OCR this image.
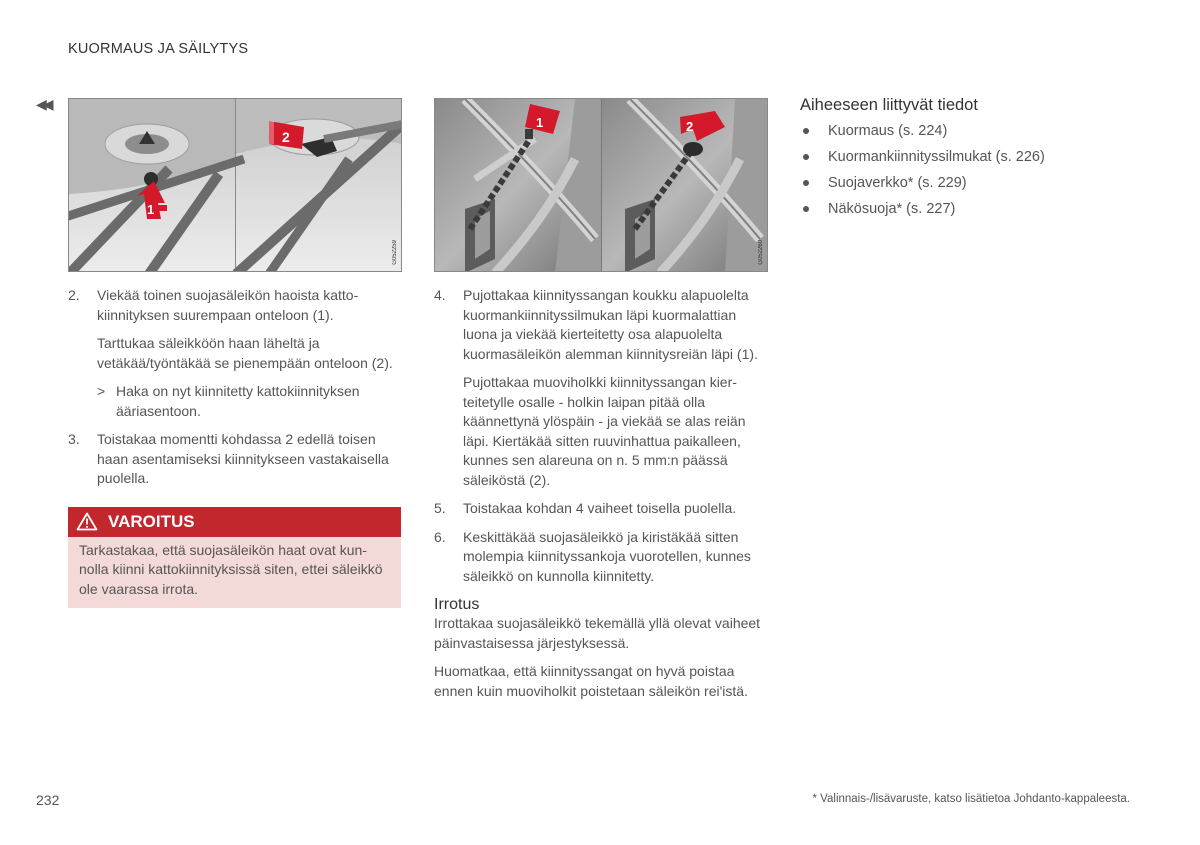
KUORMAUS JA SÄILYTYS
◀◀
1
2
G052259
1	2
G052260
2.	Viekää toinen suojasäleikön haoista kattokiinnityksen suurempaan onteloon (1).
Tarttukaa säleikköön haan läheltä ja vetäkää/työntäkää se pienempään onteloon (2).
> Haka on nyt kiinnitetty kattokiinnityksen ääriasentoon.
3.	Toistakaa momentti kohdassa 2 edellä toisen haan asentamiseksi kiinnitykseen vastakaisella puolella.
VAROITUS
Tarkastakaa, että suojasäleikön haat ovat kunnolla kiinni kattokiinnityksissä siten, ettei säleikkö ole vaarassa irrota.
4.	Pujottakaa kiinnityssangan koukku alapuolelta kuormankiinnityssilmukan läpi kuormalattian luona ja viekää kierteitetty osa alapuolelta kuormasäleikön alemman kiinnitysreiän läpi (1).
Pujottakaa muoviholkki kiinnityssangan kierteitetylle osalle - holkin laipan pitää olla käännettynä ylöspäin - ja viekää se alas reiän läpi. Kiertäkää sitten ruuvinhattua paikalleen, kunnes sen alareuna on n. 5 mm:n päässä säleiköstä (2).
5.	Toistakaa kohdan 4 vaiheet toisella puolella.
6.	Keskittäkää suojasäleikkö ja kiristäkää sitten molempia kiinnityssankoja vuorotellen, kunnes säleikkö on kunnolla kiinnitetty.
Irrotus
Irrottakaa suojasäleikkö tekemällä yllä olevat vaiheet päinvastaisessa järjestyksessä.
Huomatkaa, että kiinnityssangat on hyvä poistaa ennen kuin muoviholkit poistetaan säleikön rei'istä.
Aiheeseen liittyvät tiedot
Kuormaus (s. 224)
Kuormankiinnityssilmukat (s. 226)
Suojaverkko* (s. 229)
Näkösuoja* (s. 227)
232	* Valinnais-/lisävaruste, katso lisätietoa Johdanto-kappaleesta.
